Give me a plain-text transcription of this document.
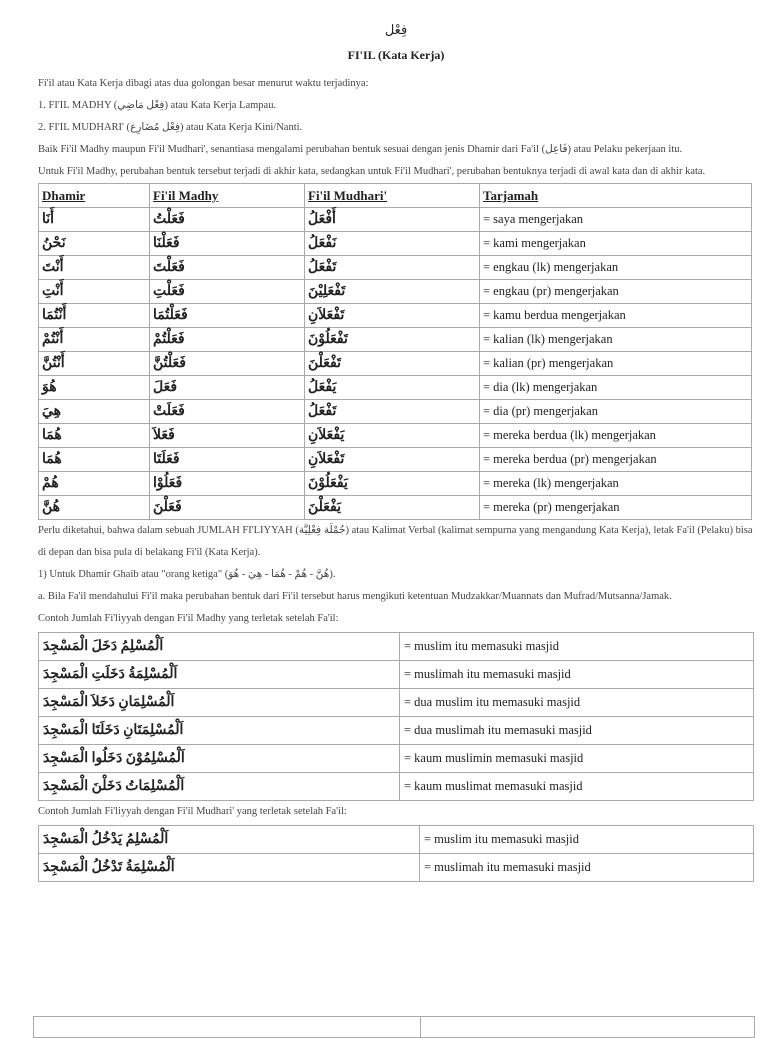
فِعْل
FI'IL (Kata Kerja)

Fi'il atau Kata Kerja dibagi atas dua golongan besar menurut waktu terjadinya:

1. FI'IL MADHY (فِعْل مَاضِي) atau Kata Kerja Lampau.

2. FI'IL MUDHARI' (فِعْل مُضَارِع) atau Kata Kerja Kini/Nanti.

Baik Fi'il Madhy maupun Fi'il Mudhari', senantiasa mengalami perubahan bentuk sesuai dengan jenis Dhamir dari Fa'il (فَاعِل) atau Pelaku pekerjaan itu.

Untuk Fi'il Madhy, perubahan bentuk tersebut terjadi di akhir kata, sedangkan untuk Fi'il Mudhari', perubahan bentuknya terjadi di awal kata dan di akhir kata.

Dhamir	Fi'il Madhy	Fi'il Mudhari'	Tarjamah
أَنَا	فَعَلْتُ	أَفْعَلُ	= saya mengerjakan
نَحْنُ	فَعَلْنَا	نَفْعَلُ	= kami mengerjakan
أَنْتَ	فَعَلْتَ	تَفْعَلُ	= engkau (lk) mengerjakan
أَنْتِ	فَعَلْتِ	تَفْعَلِيْنَ	= engkau (pr) mengerjakan
أَنْتُمَا	فَعَلْتُمَا	تَفْعَلاَنِ	= kamu berdua mengerjakan
أَنْتُمْ	فَعَلْتُمْ	تَفْعَلُوْنَ	= kalian (lk) mengerjakan
أَنْتُنَّ	فَعَلْتُنَّ	تَفْعَلْنَ	= kalian (pr) mengerjakan
هُوَ	فَعَلَ	يَفْعَلُ	= dia (lk) mengerjakan
هِيَ	فَعَلَتْ	تَفْعَلُ	= dia (pr) mengerjakan
هُمَا	فَعَلاَ	يَفْعَلاَنِ	= mereka berdua (lk) mengerjakan
هُمَا	فَعَلَتَا	تَفْعَلاَنِ	= mereka berdua (pr) mengerjakan
هُمْ	فَعَلُوْا	يَفْعَلُوْنَ	= mereka (lk) mengerjakan
هُنَّ	فَعَلْنَ	يَفْعَلْنَ	= mereka (pr) mengerjakan

Perlu diketahui, bahwa dalam sebuah JUMLAH FI'LIYYAH (جُمْلَة فِعْلِيَّة) atau Kalimat Verbal (kalimat sempurna yang mengandung Kata Kerja), letak Fa'il (Pelaku) bisa di depan dan bisa pula di belakang Fi'il (Kata Kerja).

1) Untuk Dhamir Ghaib atau "orang ketiga" (هُنَّ - هُمْ - هُمَا - هِيَ - هُوَ).

a. Bila Fa'il mendahului Fi'il maka perubahan bentuk dari Fi'il tersebut harus mengikuti ketentuan Mudzakkar/Muannats dan Mufrad/Mutsanna/Jamak.

Contoh Jumlah Fi'liyyah dengan Fi'il Madhy yang terletak setelah Fa'il:

اَلْمُسْلِمُ دَخَلَ الْمَسْجِدَ	= muslim itu memasuki masjid
اَلْمُسْلِمَةُ دَخَلَتِ الْمَسْجِدَ	= muslimah itu memasuki masjid
اَلْمُسْلِمَانِ دَخَلاَ الْمَسْجِدَ	= dua muslim itu memasuki masjid
اَلْمُسْلِمَتَانِ دَخَلَتَا الْمَسْجِدَ	= dua muslimah itu memasuki masjid
اَلْمُسْلِمُوْنَ دَخَلُوا الْمَسْجِدَ	= kaum muslimin memasuki masjid
اَلْمُسْلِمَاتُ دَخَلْنَ الْمَسْجِدَ	= kaum muslimat memasuki masjid

Contoh Jumlah Fi'liyyah dengan Fi'il Mudhari' yang terletak setelah Fa'il:

اَلْمُسْلِمُ يَدْخُلُ الْمَسْجِدَ	= muslim itu memasuki masjid
اَلْمُسْلِمَةُ تَدْخُلُ الْمَسْجِدَ	= muslimah itu memasuki masjid
